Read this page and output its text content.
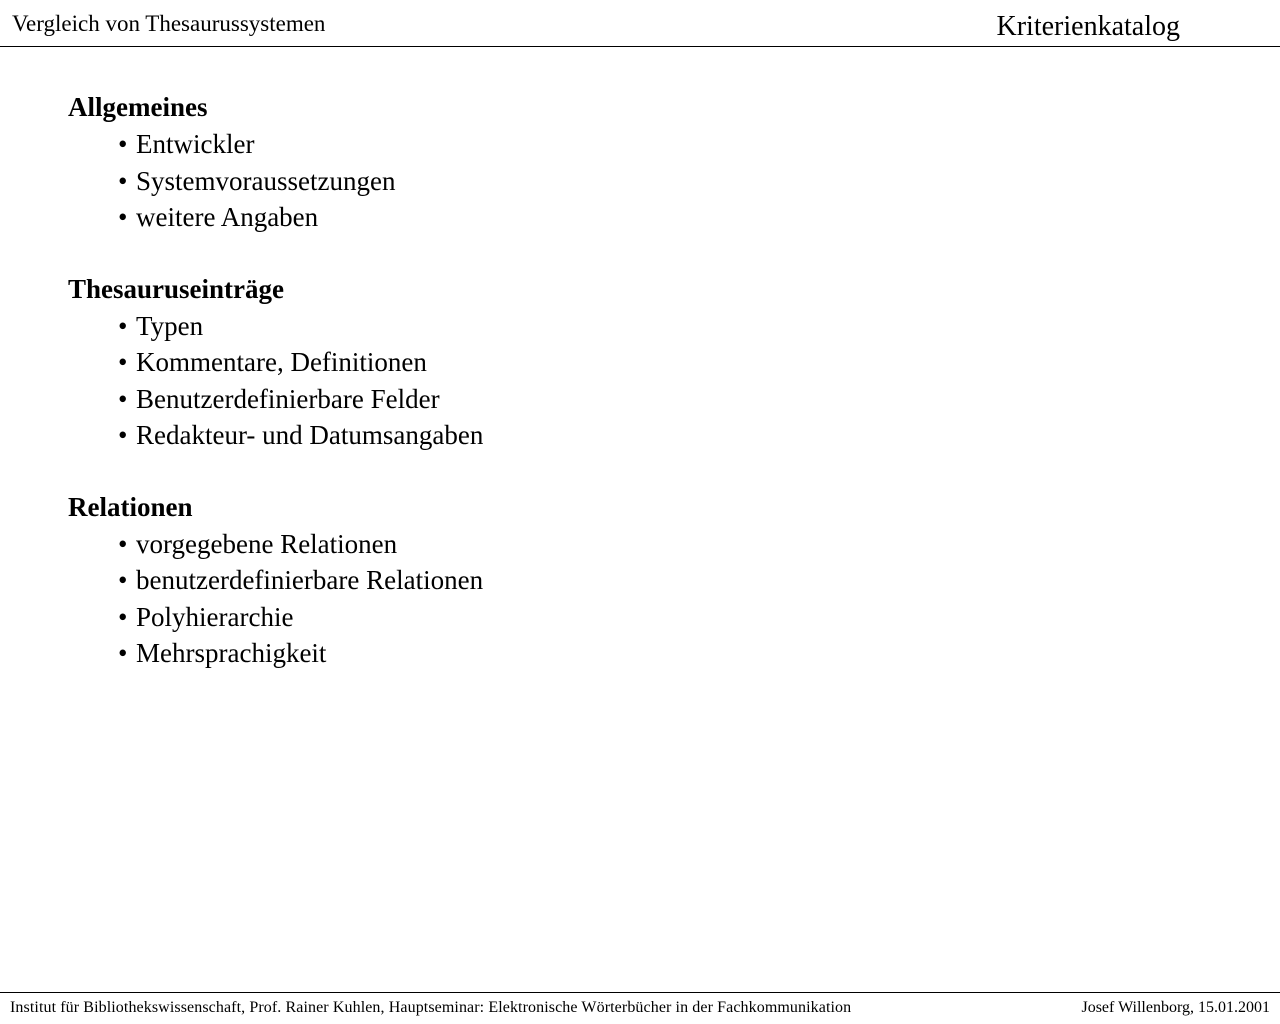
Vergleich von Thesaurussystemen	Kriterienkatalog
Allgemeines
• Entwickler
• Systemvoraussetzungen
• weitere Angaben
Thesauruseinträge
• Typen
• Kommentare, Definitionen
• Benutzerdefinierbare Felder
• Redakteur- und Datumsangaben
Relationen
• vorgegebene Relationen
• benutzerdefinierbare Relationen
• Polyhierarchie
• Mehrsprachigkeit
Institut für Bibliothekswissenschaft, Prof. Rainer Kuhlen, Hauptseminar: Elektronische Wörterbücher in der Fachkommunikation	Josef Willenborg, 15.01.2001
